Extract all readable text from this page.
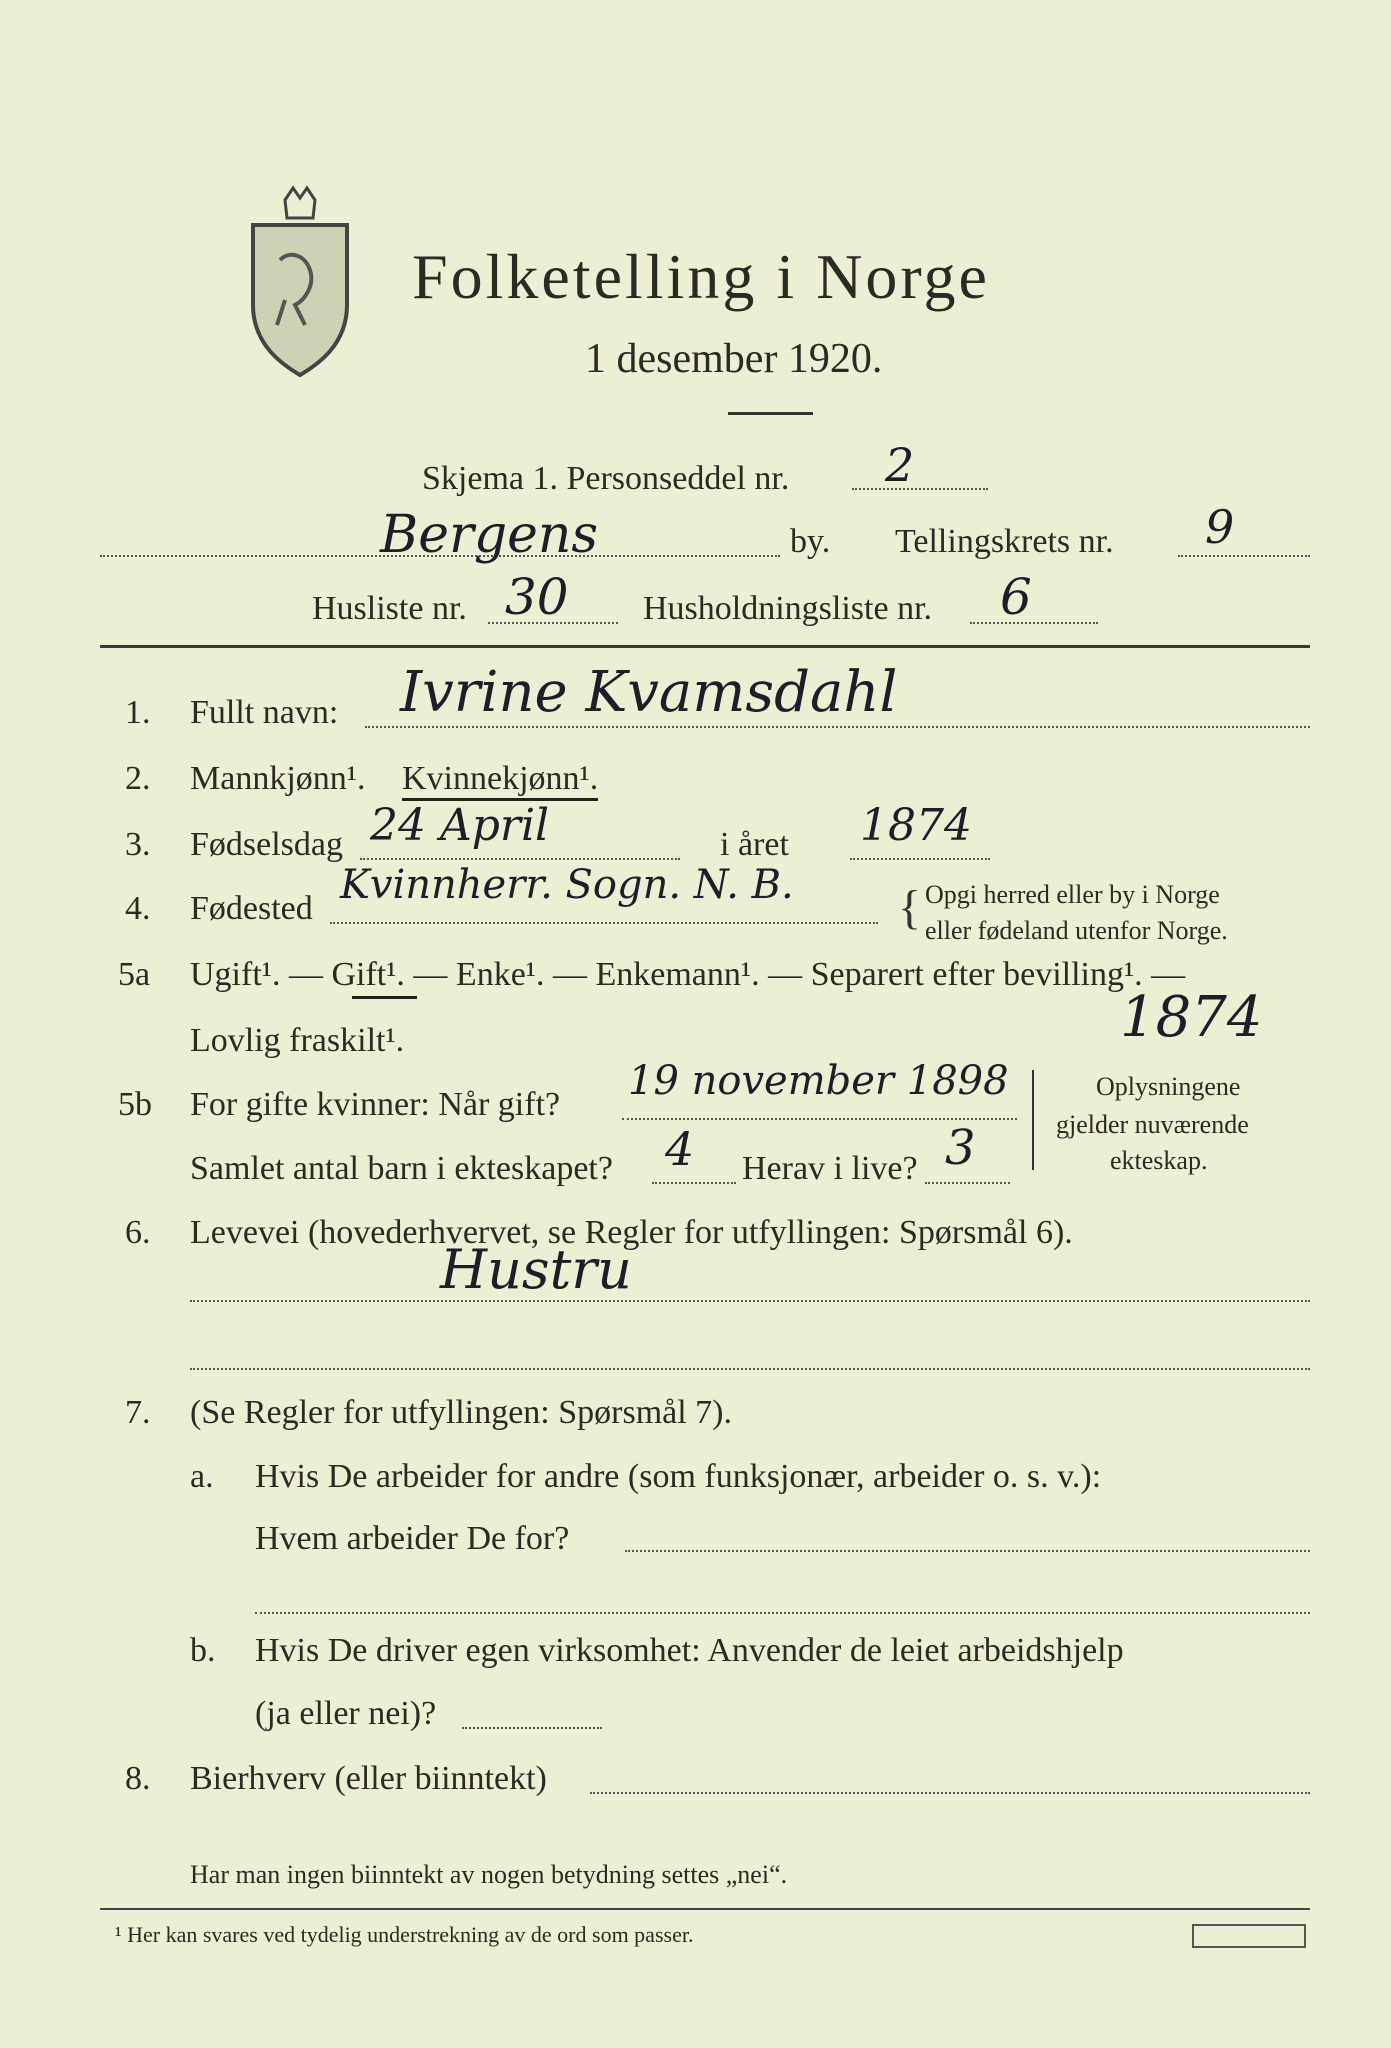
Folketelling i Norge
1 desember 1920.
Skjema 1. Personseddel nr. 2
Bergens	by. Tellingskrets nr. 9
Husliste nr. 30 Husholdningsliste nr. 6
1. Fullt navn: Ivrine Kvamsdahl
2. Mannkjønn¹. Kvinnekjønn¹.
3. Fødselsdag 24 April	i året 1874
4. Fødested
Kvinnherr. Sogn. N. B. { Opgi herred eller by i Norge
eller fødeland utenfor Norge.
5a Ugift¹. — Gift¹. — Enke¹. — Enkemann¹. — Separert efter bevilling¹. —
Lovlig fraskilt¹.	1874
5b For gifte kvinner: Når gift?
19 november 1898
Samlet antal barn i ekteskapet? 4 Herav i live? 3
Oplysningene
gjelder nuværende
ekteskap.
6. Levevei (hovederhvervet, se Regler for utfyllingen: Spørsmål 6).
Hustru
7. (Se Regler for utfyllingen: Spørsmål 7).
a. Hvis De arbeider for andre (som funksjonær, arbeider o. s. v.):
Hvem arbeider De for?
b. Hvis De driver egen virksomhet: Anvender de leiet arbeidshjelp
(ja eller nei)?
8. Bierhverv (eller biinntekt)
Har man ingen biinntekt av nogen betydning settes „nei“.
¹ Her kan svares ved tydelig understrekning av de ord som passer.
